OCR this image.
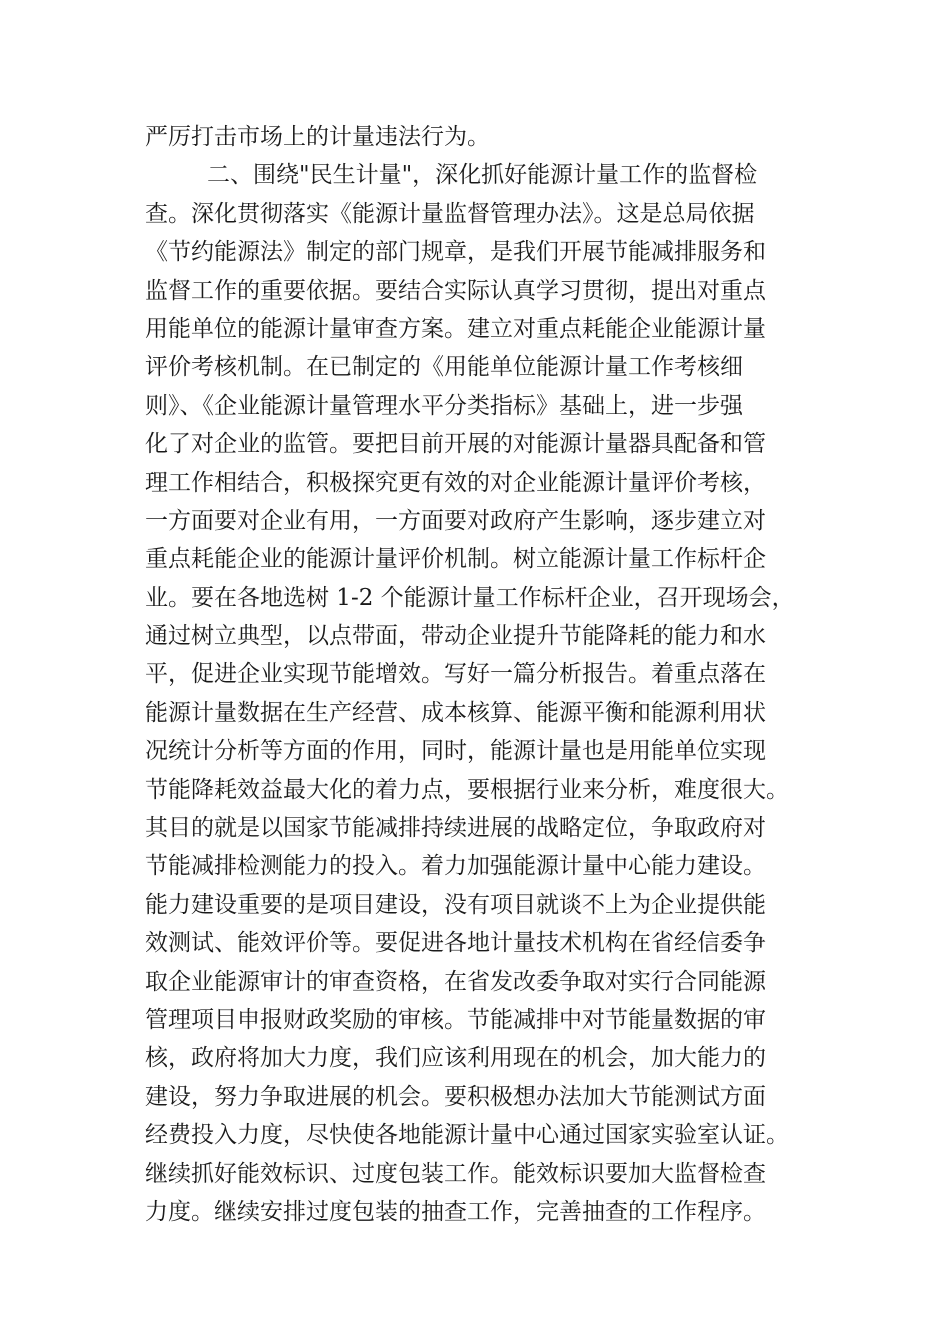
严厉打击市场上的计量违法行为。
二、围绕"民生计量"，深化抓好能源计量工作的监督检
查。深化贯彻落实《能源计量监督管理办法》。这是总局依据
《节约能源法》制定的部门规章，是我们开展节能减排服务和
监督工作的重要依据。要结合实际认真学习贯彻，提出对重点
用能单位的能源计量审查方案。建立对重点耗能企业能源计量
评价考核机制。在已制定的《用能单位能源计量工作考核细
则》、《企业能源计量管理水平分类指标》基础上，进一步强
化了对企业的监管。要把目前开展的对能源计量器具配备和管
理工作相结合，积极探究更有效的对企业能源计量评价考核，
一方面要对企业有用，一方面要对政府产生影响，逐步建立对
重点耗能企业的能源计量评价机制。树立能源计量工作标杆企
业。要在各地选树 1-2 个能源计量工作标杆企业，召开现场会，
通过树立典型，以点带面，带动企业提升节能降耗的能力和水
平，促进企业实现节能增效。写好一篇分析报告。着重点落在
能源计量数据在生产经营、成本核算、能源平衡和能源利用状
况统计分析等方面的作用，同时，能源计量也是用能单位实现
节能降耗效益最大化的着力点，要根据行业来分析，难度很大。
其目的就是以国家节能减排持续进展的战略定位，争取政府对
节能减排检测能力的投入。着力加强能源计量中心能力建设。
能力建设重要的是项目建设，没有项目就谈不上为企业提供能
效测试、能效评价等。要促进各地计量技术机构在省经信委争
取企业能源审计的审查资格，在省发改委争取对实行合同能源
管理项目申报财政奖励的审核。节能减排中对节能量数据的审
核，政府将加大力度，我们应该利用现在的机会，加大能力的
建设，努力争取进展的机会。要积极想办法加大节能测试方面
经费投入力度，尽快使各地能源计量中心通过国家实验室认证。
继续抓好能效标识、过度包装工作。能效标识要加大监督检查
力度。继续安排过度包装的抽查工作，完善抽查的工作程序。
